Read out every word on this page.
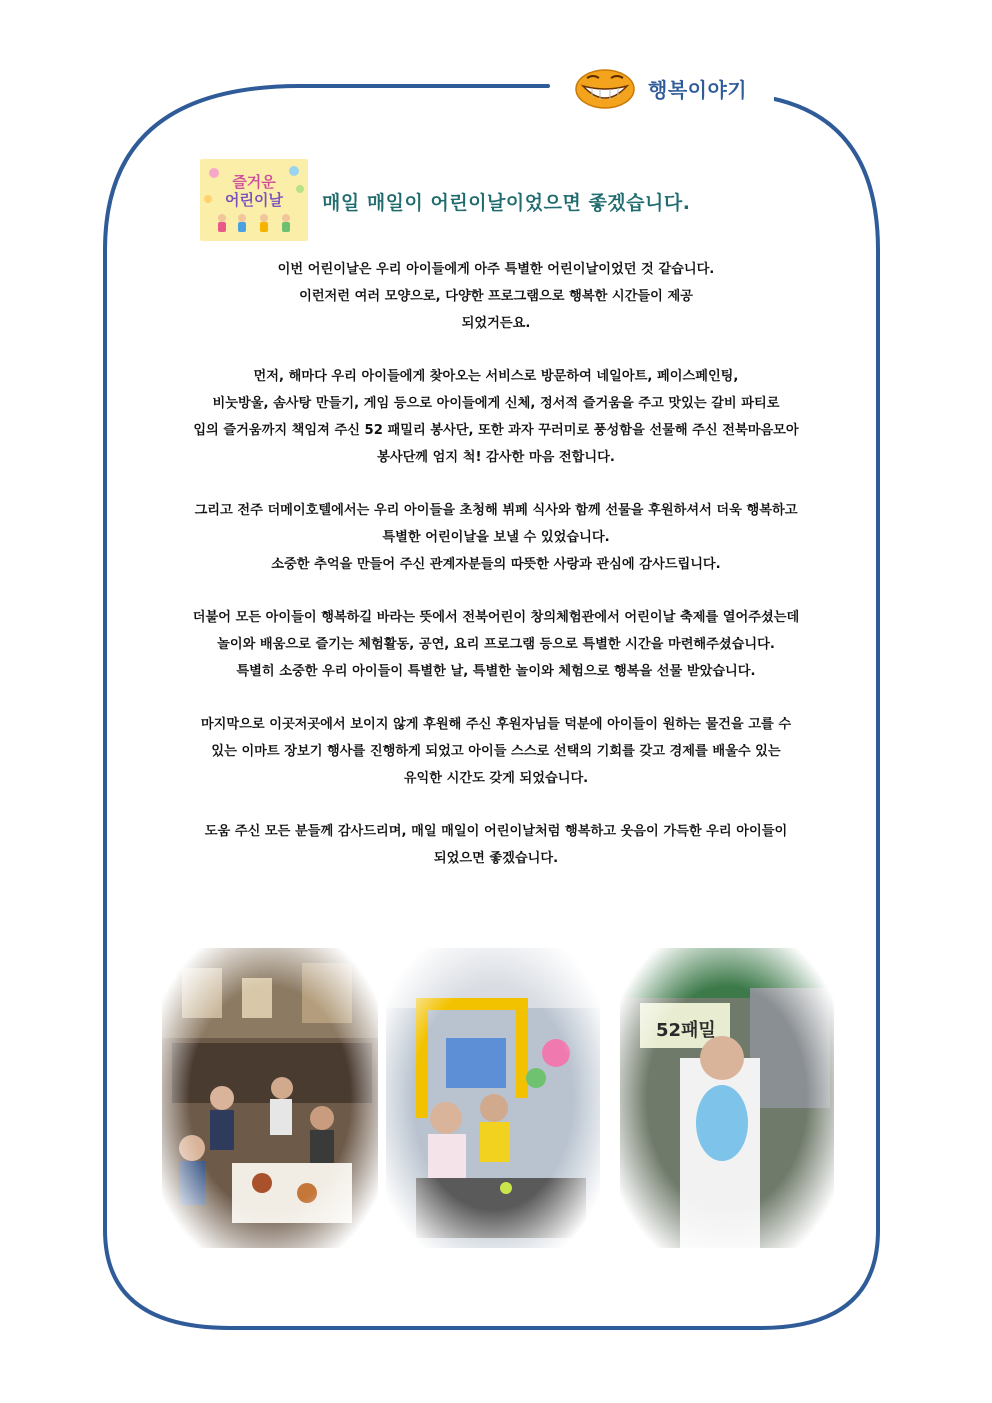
행복이야기
즐거운
어린이날	매일 매일이 어린이날이었으면 좋겠습니다.

이번 어린이날은 우리 아이들에게 아주 특별한 어린이날이었던 것 같습니다.
이런저런 여러 모양으로, 다양한 프로그램으로 행복한 시간들이 제공
되었거든요.

먼저, 해마다 우리 아이들에게 찾아오는 서비스로 방문하여 네일아트, 페이스페인팅,
비눗방울, 솜사탕 만들기, 게임 등으로 아이들에게 신체, 정서적 즐거움을 주고 맛있는 갈비 파티로
입의 즐거움까지 책임져 주신 52 패밀리 봉사단, 또한 과자 꾸러미로 풍성함을 선물해 주신 전북마음모아
봉사단께 엄지 척! 감사한 마음 전합니다.

그리고 전주 더메이호텔에서는 우리 아이들을 초청해 뷔페 식사와 함께 선물을 후원하셔서 더욱 행복하고
특별한 어린이날을 보낼 수 있었습니다.
소중한 추억을 만들어 주신 관계자분들의 따뜻한 사랑과 관심에 감사드립니다.

더불어 모든 아이들이 행복하길 바라는 뜻에서 전북어린이 창의체험관에서 어린이날 축제를 열어주셨는데
놀이와 배움으로 즐기는 체험활동, 공연, 요리 프로그램 등으로 특별한 시간을 마련해주셨습니다.
특별히 소중한 우리 아이들이 특별한 날, 특별한 놀이와 체험으로 행복을 선물 받았습니다.

마지막으로 이곳저곳에서 보이지 않게 후원해 주신 후원자님들 덕분에 아이들이 원하는 물건을 고를 수
있는 이마트 장보기 행사를 진행하게 되었고 아이들 스스로 선택의 기회를 갖고 경제를 배울수 있는
유익한 시간도 갖게 되었습니다.

도움 주신 모든 분들께 감사드리며, 매일 매일이 어린이날처럼 행복하고 웃음이 가득한 우리 아이들이
되었으면 좋겠습니다.

52패밀
